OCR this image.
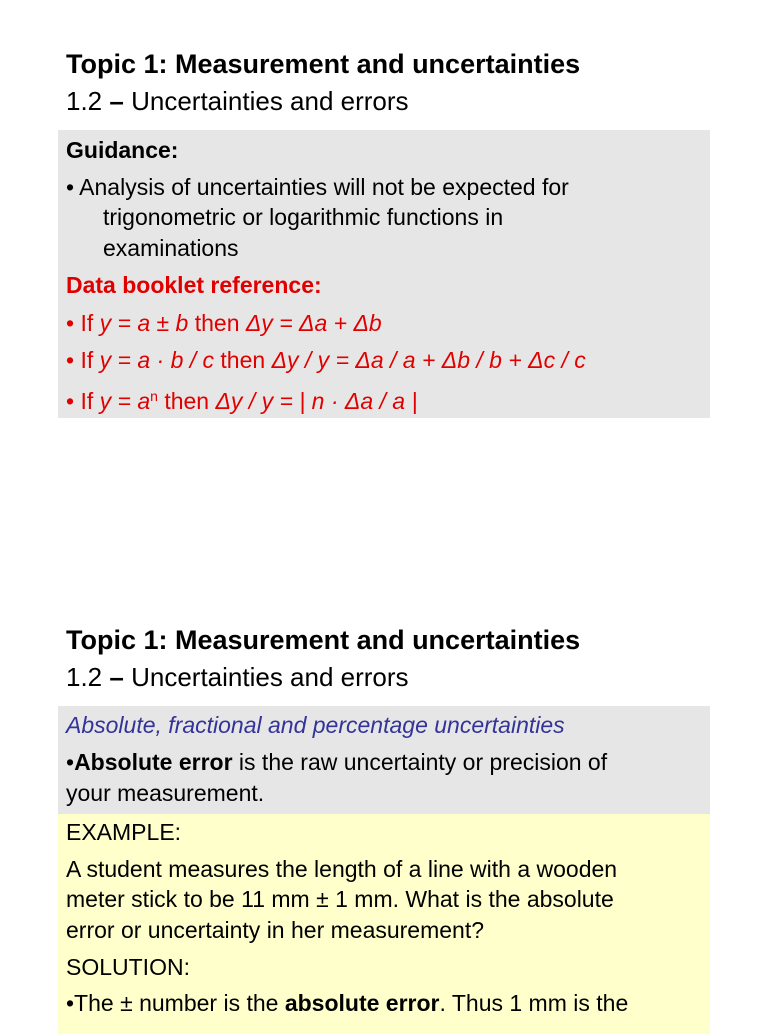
Topic 1: Measurement and uncertainties
1.2 – Uncertainties and errors
Guidance:
• Analysis of uncertainties will not be expected for
trigonometric or logarithmic functions in
examinations
Data booklet reference:
• If y = a ± b then Δy = Δa + Δb
• If y = a · b / c then Δy / y = Δa / a + Δb / b + Δc / c
• If $y = a^n$ then Δy / y = | n · Δa / a |
Topic 1: Measurement and uncertainties
1.2 – Uncertainties and errors
Absolute, fractional and percentage uncertainties
•Absolute error is the raw uncertainty or precision of
your measurement.
EXAMPLE:
A student measures the length of a line with a wooden
meter stick to be 11 mm ± 1 mm. What is the absolute
error or uncertainty in her measurement?
SOLUTION:
•The ± number is the absolute error. Thus 1 mm is the
